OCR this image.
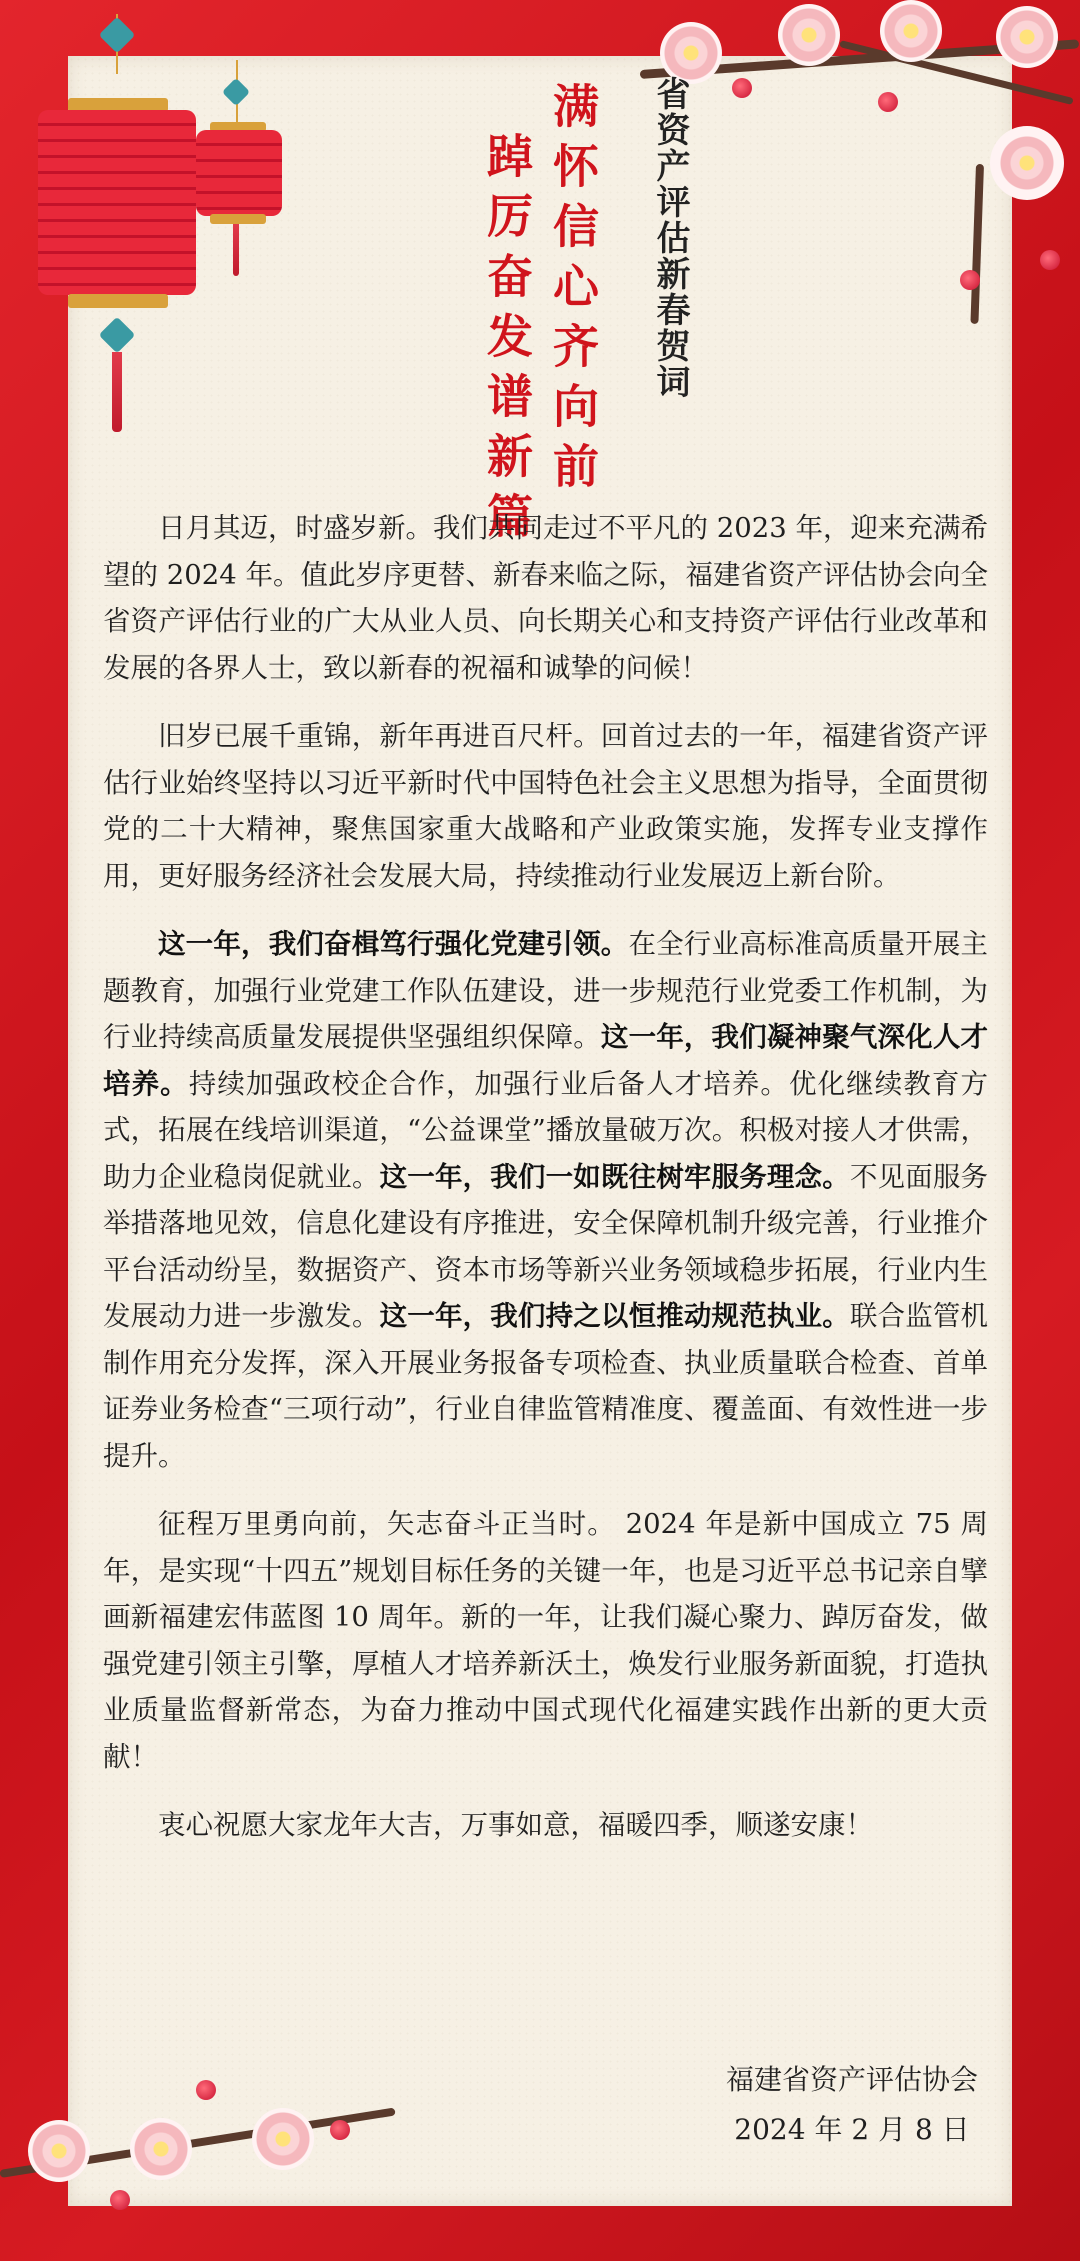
满怀信心齐向前
踔厉奋发谱新篇	省资产评估新春贺词

日月其迈，时盛岁新。我们共同走过不平凡的 2023 年，迎来充满希望的 2024 年。值此岁序更替、新春来临之际，福建省资产评估协会向全省资产评估行业的广大从业人员、向长期关心和支持资产评估行业改革和发展的各界人士，致以新春的祝福和诚挚的问候！

旧岁已展千重锦，新年再进百尺杆。回首过去的一年，福建省资产评估行业始终坚持以习近平新时代中国特色社会主义思想为指导，全面贯彻党的二十大精神，聚焦国家重大战略和产业政策实施，发挥专业支撑作用，更好服务经济社会发展大局，持续推动行业发展迈上新台阶。

这一年，我们奋楫笃行强化党建引领。在全行业高标准高质量开展主题教育，加强行业党建工作队伍建设，进一步规范行业党委工作机制，为行业持续高质量发展提供坚强组织保障。这一年，我们凝神聚气深化人才培养。持续加强政校企合作，加强行业后备人才培养。优化继续教育方式，拓展在线培训渠道，“公益课堂”播放量破万次。积极对接人才供需，助力企业稳岗促就业。这一年，我们一如既往树牢服务理念。不见面服务举措落地见效，信息化建设有序推进，安全保障机制升级完善，行业推介平台活动纷呈，数据资产、资本市场等新兴业务领域稳步拓展，行业内生发展动力进一步激发。这一年，我们持之以恒推动规范执业。联合监管机制作用充分发挥，深入开展业务报备专项检查、执业质量联合检查、首单证券业务检查“三项行动”，行业自律监管精准度、覆盖面、有效性进一步提升。

征程万里勇向前，矢志奋斗正当时。 2024 年是新中国成立 75 周年，是实现“十四五”规划目标任务的关键一年，也是习近平总书记亲自擘画新福建宏伟蓝图 10 周年。新的一年，让我们凝心聚力、踔厉奋发，做强党建引领主引擎，厚植人才培养新沃土，焕发行业服务新面貌，打造执业质量监督新常态，为奋力推动中国式现代化福建实践作出新的更大贡献！

衷心祝愿大家龙年大吉，万事如意，福暖四季，顺遂安康！

福建省资产评估协会
2024 年 2 月 8 日
